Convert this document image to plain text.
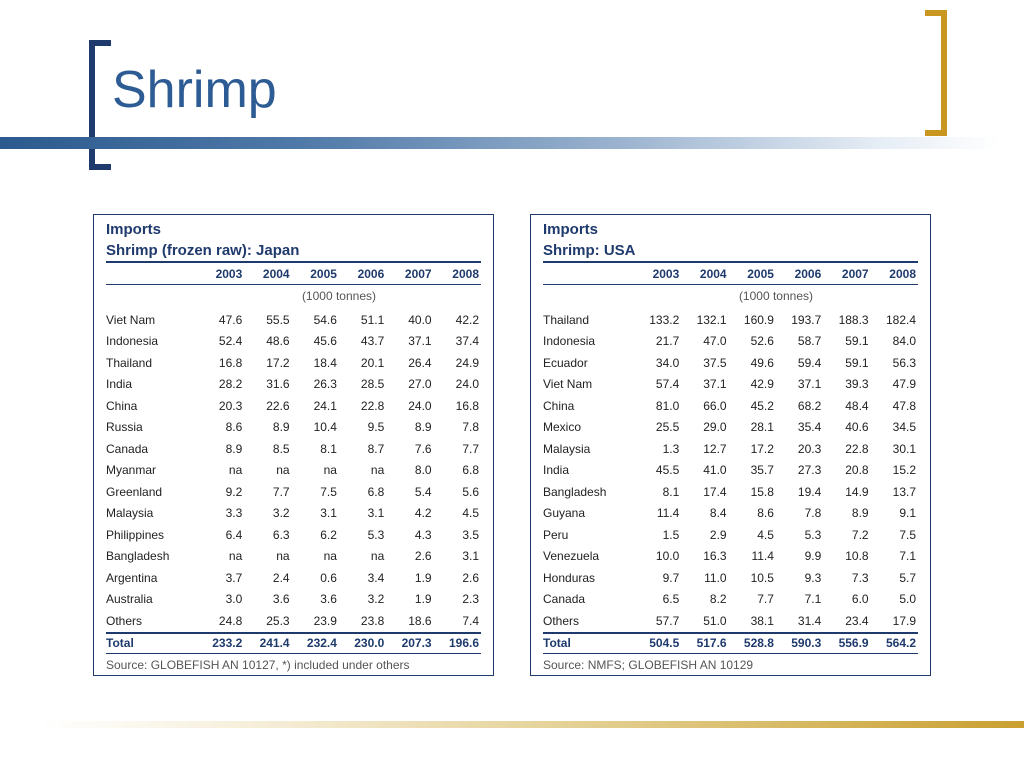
Shrimp
Imports
Shrimp (frozen raw): Japan
	2003	2004	2005	2006	2007	2008
	(1000 tonnes)					
Viet Nam	47.6	55.5	54.6	51.1	40.0	42.2
Indonesia	52.4	48.6	45.6	43.7	37.1	37.4
Thailand	16.8	17.2	18.4	20.1	26.4	24.9
India	28.2	31.6	26.3	28.5	27.0	24.0
China	20.3	22.6	24.1	22.8	24.0	16.8
Russia	8.6	8.9	10.4	9.5	8.9	7.8
Canada	8.9	8.5	8.1	8.7	7.6	7.7
Myanmar	na	na	na	na	8.0	6.8
Greenland	9.2	7.7	7.5	6.8	5.4	5.6
Malaysia	3.3	3.2	3.1	3.1	4.2	4.5
Philippines	6.4	6.3	6.2	5.3	4.3	3.5
Bangladesh	na	na	na	na	2.6	3.1
Argentina	3.7	2.4	0.6	3.4	1.9	2.6
Australia	3.0	3.6	3.6	3.2	1.9	2.3
Others	24.8	25.3	23.9	23.8	18.6	7.4
Total	233.2	241.4	232.4	230.0	207.3	196.6
Source: GLOBEFISH AN 10127, *) included under others
Imports
Shrimp: USA
	2003	2004	2005	2006	2007	2008
	(1000 tonnes)					
Thailand	133.2	132.1	160.9	193.7	188.3	182.4
Indonesia	21.7	47.0	52.6	58.7	59.1	84.0
Ecuador	34.0	37.5	49.6	59.4	59.1	56.3
Viet Nam	57.4	37.1	42.9	37.1	39.3	47.9
China	81.0	66.0	45.2	68.2	48.4	47.8
Mexico	25.5	29.0	28.1	35.4	40.6	34.5
Malaysia	1.3	12.7	17.2	20.3	22.8	30.1
India	45.5	41.0	35.7	27.3	20.8	15.2
Bangladesh	8.1	17.4	15.8	19.4	14.9	13.7
Guyana	11.4	8.4	8.6	7.8	8.9	9.1
Peru	1.5	2.9	4.5	5.3	7.2	7.5
Venezuela	10.0	16.3	11.4	9.9	10.8	7.1
Honduras	9.7	11.0	10.5	9.3	7.3	5.7
Canada	6.5	8.2	7.7	7.1	6.0	5.0
Others	57.7	51.0	38.1	31.4	23.4	17.9
Total	504.5	517.6	528.8	590.3	556.9	564.2
Source: NMFS; GLOBEFISH AN 10129
